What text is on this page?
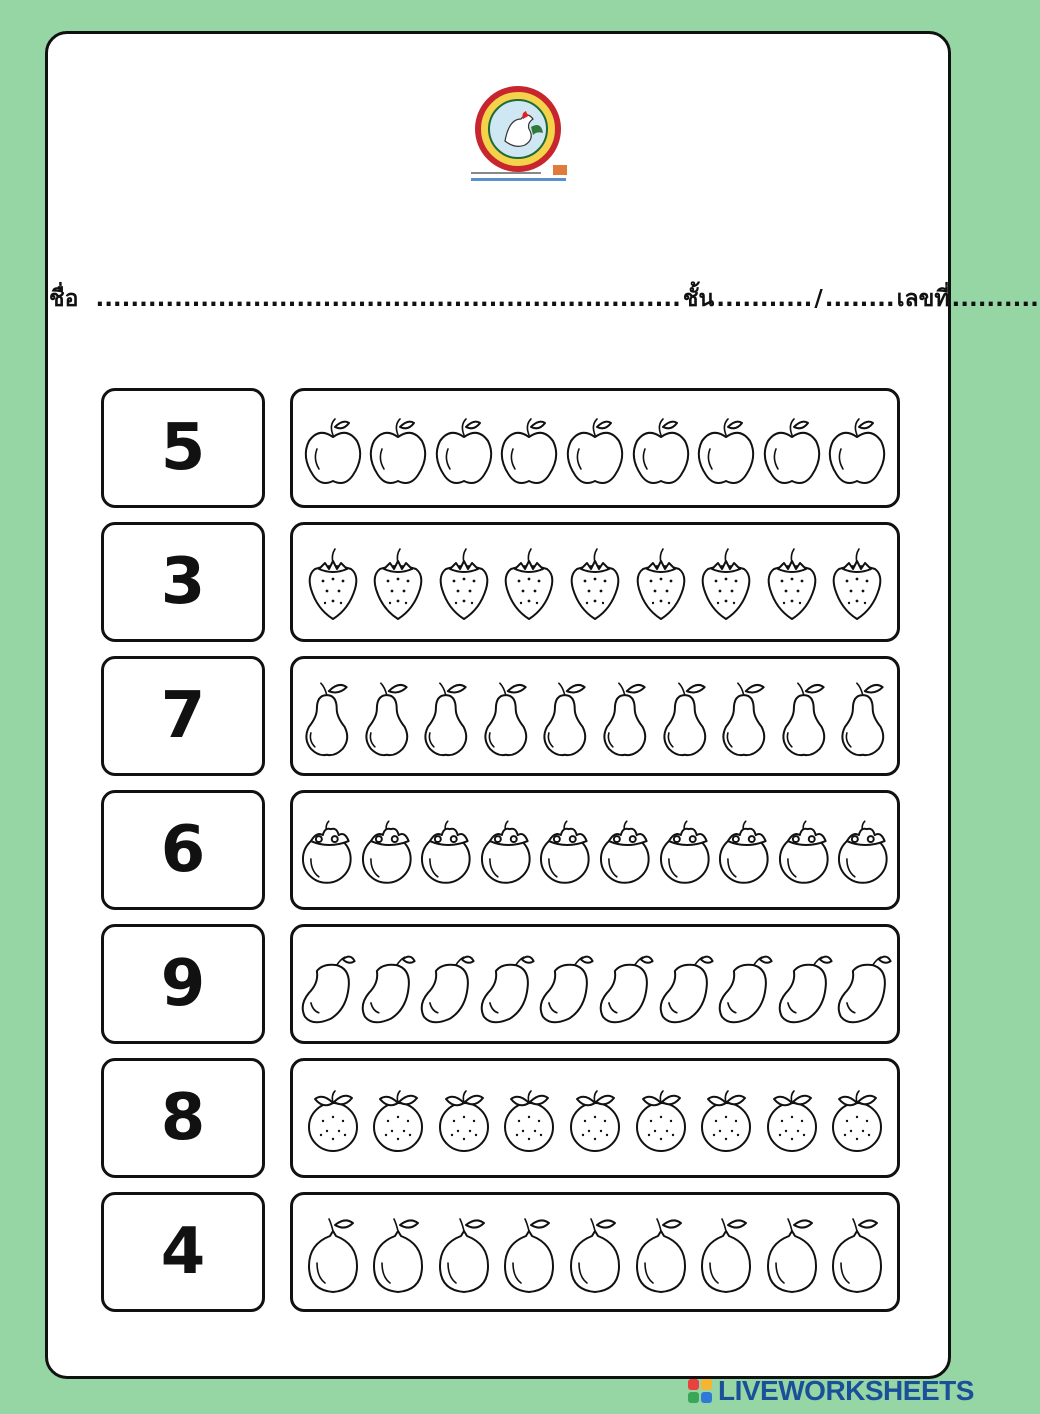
ชื่อ ...................................................................ชั้น.........../........เลขที่..........
5
3
7
6
9
8
4
LIVEWORKSHEETS
